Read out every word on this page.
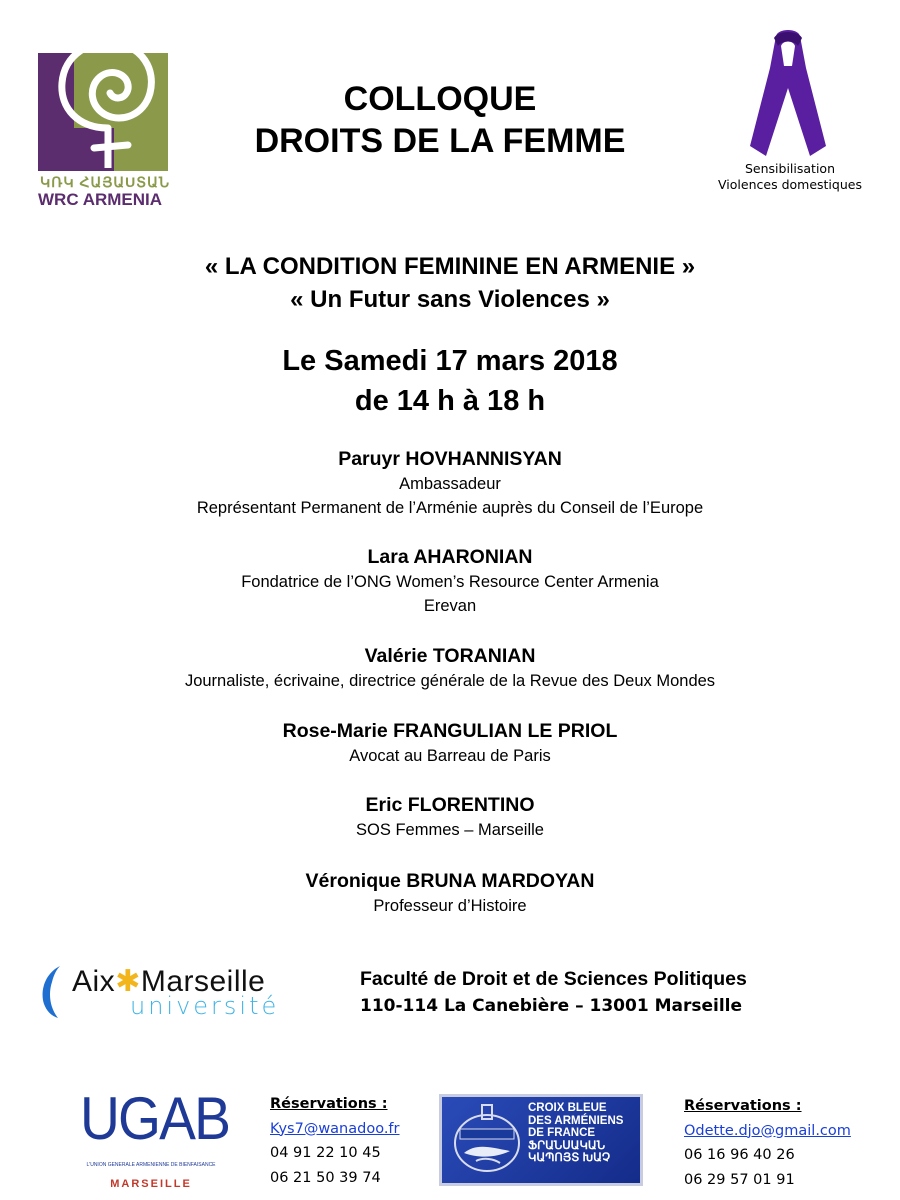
ԿՌԿ ՀԱՅԱUՏԱՆ
WRC ARMENIA
Sensibilisation
Violences domestiques
COLLOQUE
DROITS DE LA FEMME
« LA CONDITION FEMININE EN ARMENIE »
« Un Futur sans Violences »
Le Samedi 17 mars 2018
de 14 h à 18 h
Paruyr HOVHANNISYAN
Ambassadeur
Représentant Permanent de l’Arménie auprès du Conseil de l’Europe
Lara AHARONIAN
Fondatrice de l’ONG Women’s Resource Center Armenia
Erevan
Valérie TORANIAN
Journaliste, écrivaine, directrice générale de la Revue des Deux Mondes
Rose-Marie FRANGULIAN LE PRIOL
Avocat au Barreau de Paris
Eric FLORENTINO
SOS Femmes – Marseille
Véronique BRUNA MARDOYAN
Professeur d’Histoire
Aix✱Marseille
université
Faculté de Droit et de Sciences Politiques
110-114 La Canebière – 13001 Marseille
UGAB
L'UNION GÉNÉRALE ARMÉNIENNE DE BIENFAISANCE
MARSEILLE
Réservations :
Kys7@wanadoo.fr
04 91 22 10 45
06 21 50 39 74
CROIX BLEUE
DES ARMÉNIENS
DE FRANCE
ՖՐԱՆՍԱԿԱՆ
ԿԱՊՈՅՏ ԽԱՉ
Réservations :
Odette.djo@gmail.com
06 16 96 40 26
06 29 57 01 91
